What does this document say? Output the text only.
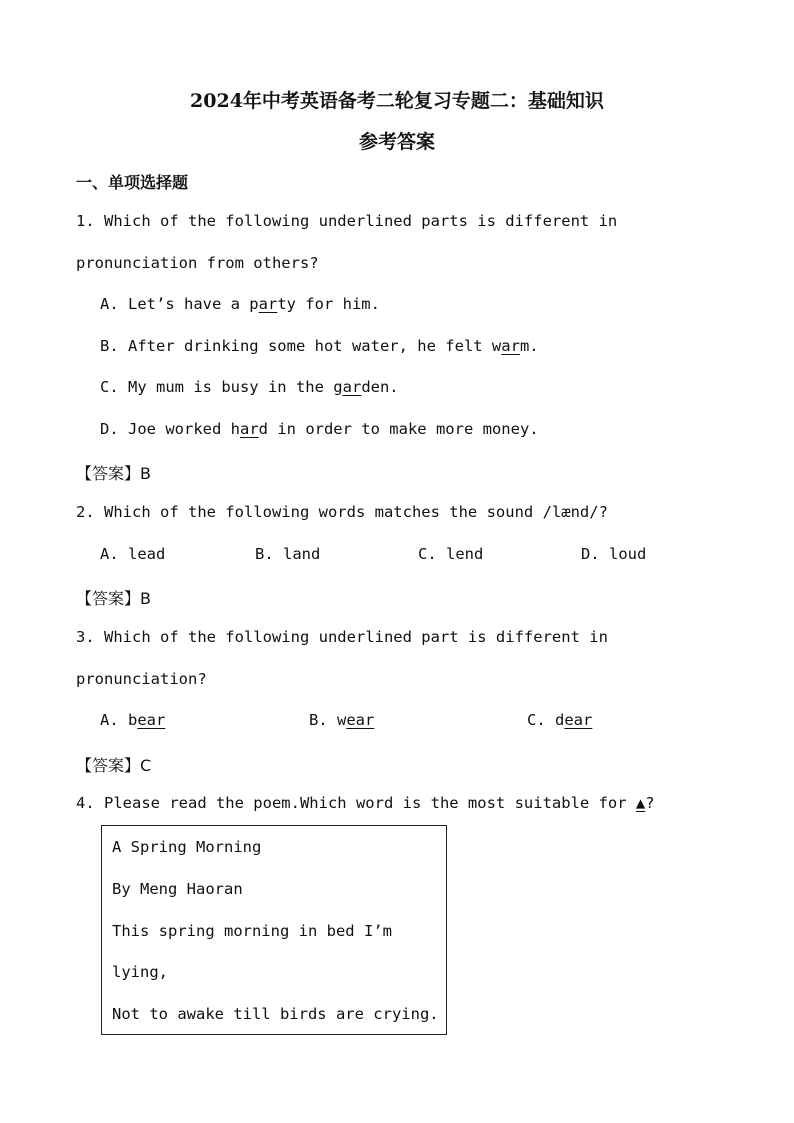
2024年中考英语备考二轮复习专题二：基础知识
参考答案
一、单项选择题
1. Which of the following underlined parts is different in
pronunciation from others?
A. Let’s have a party for him.
B. After drinking some hot water, he felt warm.
C. My mum is busy in the garden.
D. Joe worked hard in order to make more money.
【答案】B
2. Which of the following words matches the sound /lænd/?
A. lead	B. land	C. lend	D. loud
【答案】B
3. Which of the following underlined part is different in
pronunciation?
A. bear	B. wear	C. dear
【答案】C
4. Please read the poem.Which word is the most suitable for ▲?
A Spring Morning
By Meng Haoran
This spring morning in bed I’m
lying,
Not to awake till birds are crying.
